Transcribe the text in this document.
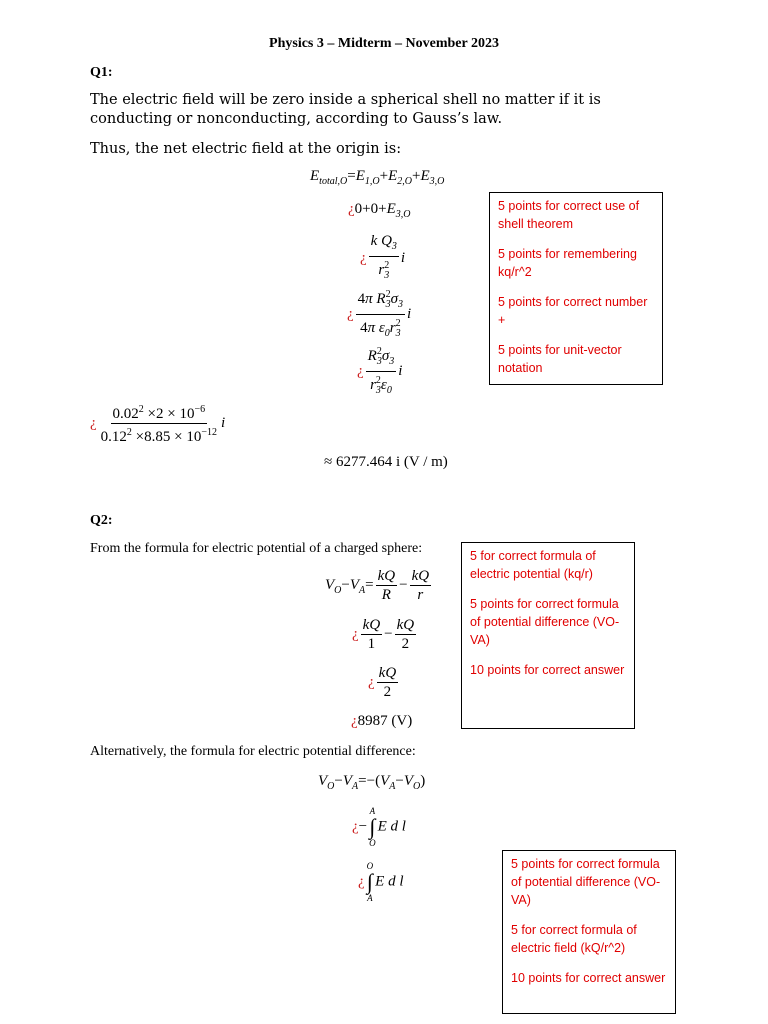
Physics 3 – Midterm – November 2023
Q1:
The electric field will be zero inside a spherical shell no matter if it is conducting or nonconducting, according to Gauss’s law.
Thus, the net electric field at the origin is:
$E_{total,O}=E_{1,O}+E_{2,O}+E_{3,O}$
¿$0+0+E_{3,O}$
¿ $\frac{k Q_3}{r^2_3}$ i
¿ $\frac{4\pi R^2_3\sigma_3}{4\pi \varepsilon_0r^2_3}$ i
¿ $\frac{R^2_3\sigma_3}{r^2_3\varepsilon_0}$ i
¿ $\frac{0.02^2 \times 2 \times 10^{-6}}{0.12^2 \times 8.85 \times 10^{-12}}$ i
≈ 6277.464 i (V / m)

5 points for correct use of shell theorem

5 points for remembering kq/r^2

5 points for correct number +

5 points for unit-vector notation

Q2:
From the formula for electric potential of a charged sphere:
$V_O-V_A= \frac{kQ}{R} - \frac{kQ}{r}$
¿ $\frac{kQ}{1} - \frac{kQ}{2}$
¿ $\frac{kQ}{2}$
¿8987 (V)

5 for correct formula of electric potential (kq/r)

5 points for correct formula of potential difference (VO-VA)

10 points for correct answer

Alternatively, the formula for electric potential difference:
$V_O-V_A=-(V_A-V_O)$
¿−
A
∫
O
E d l
¿
O
∫
A
E d l

5 points for correct formula of potential difference (VO-VA)

5 for correct formula of electric field (kQ/r^2)

10 points for correct answer
